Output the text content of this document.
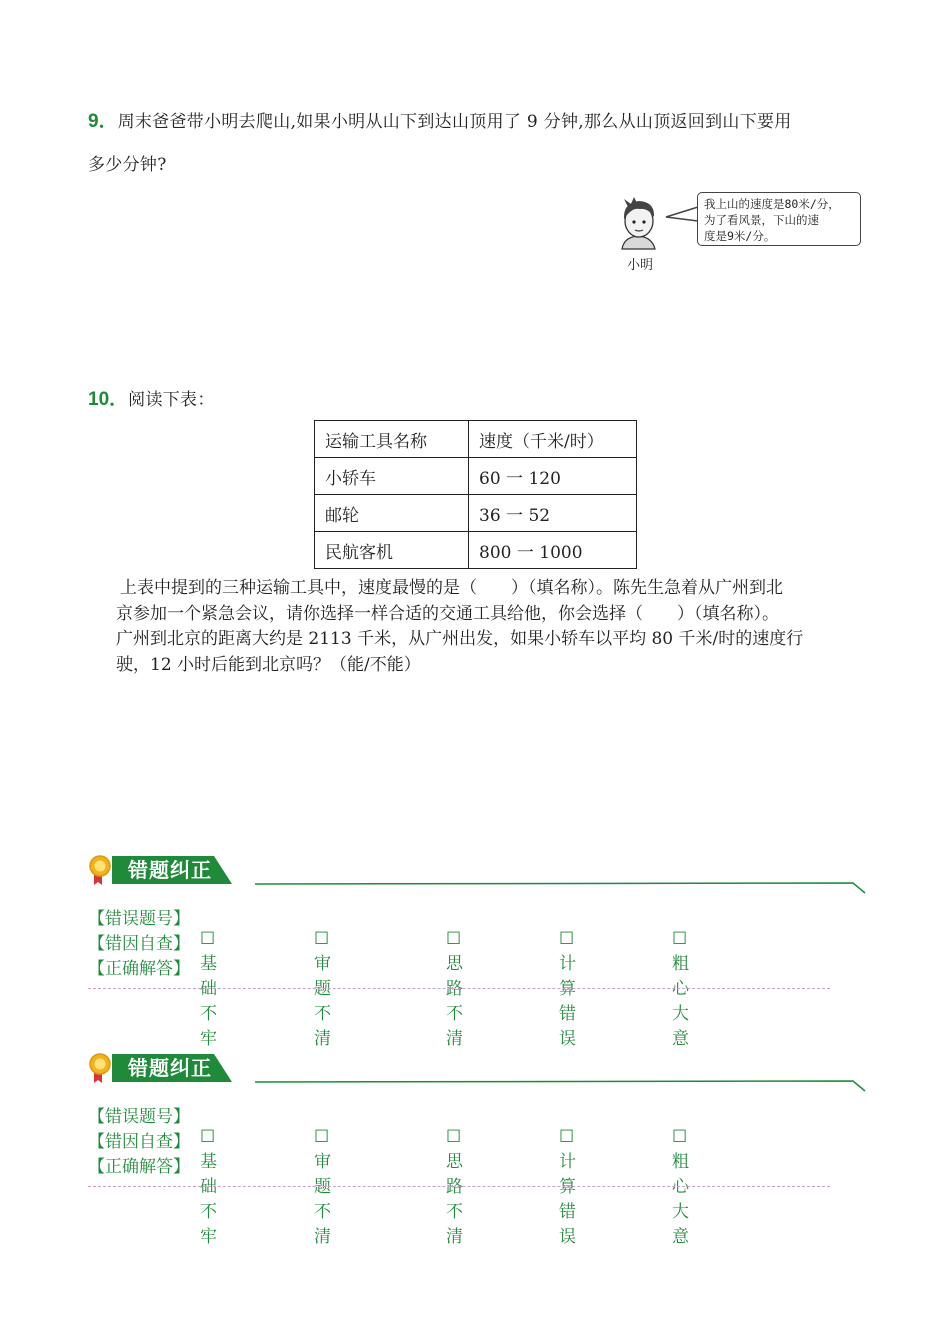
9．周末爸爸带小明去爬山,如果小明从山下到达山顶用了 9 分钟,那么从山顶返回到山下要用
多少分钟?
小明
我上山的速度是80米/分，
为了看风景，下山的速
度是9米/分。
10．阅读下表：
运输工具名称	速度（千米/时）
小轿车	60 一 120
邮轮	36 一 52
民航客机	800 一 1000
上表中提到的三种运输工具中，速度最慢的是（　　）（填名称）。陈先生急着从广州到北
京参加一个紧急会议，请你选择一样合适的交通工具给他，你会选择（　　）（填名称）。
广州到北京的距离大约是 2113 千米，从广州出发，如果小轿车以平均 80 千米/时的速度行
驶，12 小时后能到北京吗？（能/不能）
错题纠正
【错误题号】
【错因自查】 ☐基础不牢
☐审题不清
☐思路不清
☐计算错误
☐粗心大意
【正确解答】
错题纠正
【错误题号】
【错因自查】 ☐基础不牢
☐审题不清
☐思路不清
☐计算错误
☐粗心大意
【正确解答】
